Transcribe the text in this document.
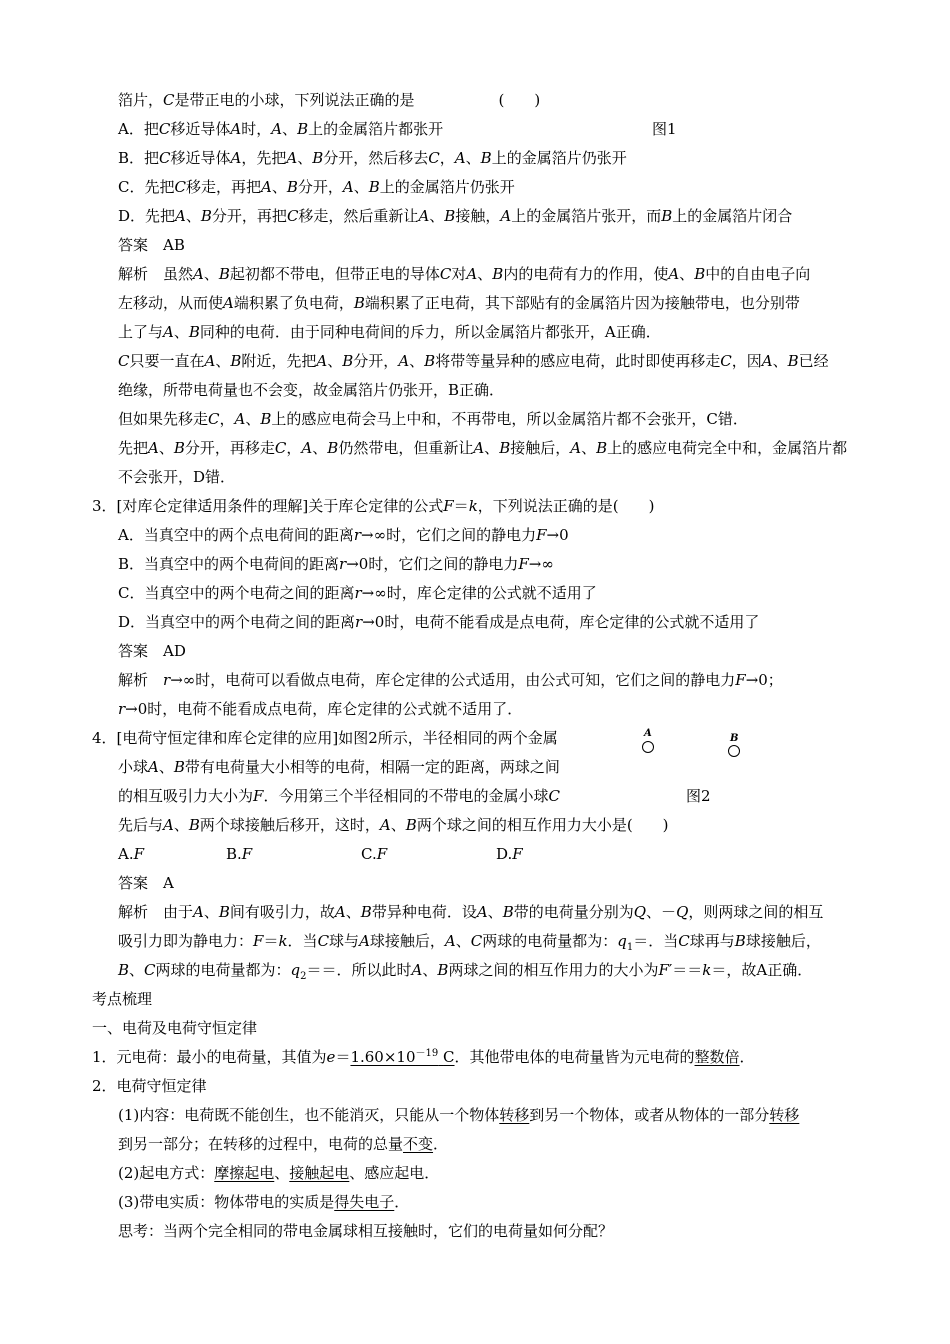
箔片，C是带正电的小球，下列说法正确的是	(　　)
A．把C移近导体A时，A、B上的金属箔片都张开	图1
B．把C移近导体A，先把A、B分开，然后移去C，A、B上的金属箔片仍张开
C．先把C移走，再把A、B分开，A、B上的金属箔片仍张开
D．先把A、B分开，再把C移走，然后重新让A、B接触，A上的金属箔片张开，而B上的金属箔片闭合
答案　AB
解析　虽然A、B起初都不带电，但带正电的导体C对A、B内的电荷有力的作用，使A、B中的自由电子向
左移动，从而使A端积累了负电荷，B端积累了正电荷，其下部贴有的金属箔片因为接触带电，也分别带
上了与A、B同种的电荷．由于同种电荷间的斥力，所以金属箔片都张开，A正确．
C只要一直在A、B附近，先把A、B分开，A、B将带等量异种的感应电荷，此时即使再移走C，因A、B已经
绝缘，所带电荷量也不会变，故金属箔片仍张开，B正确．
但如果先移走C，A、B上的感应电荷会马上中和，不再带电，所以金属箔片都不会张开，C错．
先把A、B分开，再移走C，A、B仍然带电，但重新让A、B接触后，A、B上的感应电荷完全中和，金属箔片都
不会张开，D错．
3．[对库仑定律适用条件的理解]关于库仑定律的公式F＝k，下列说法正确的是(　　)
A．当真空中的两个点电荷间的距离r→∞时，它们之间的静电力F→0
B．当真空中的两个电荷间的距离r→0时，它们之间的静电力F→∞
C．当真空中的两个电荷之间的距离r→∞时，库仑定律的公式就不适用了
D．当真空中的两个电荷之间的距离r→0时，电荷不能看成是点电荷，库仑定律的公式就不适用了
答案　AD
解析　r→∞时，电荷可以看做点电荷，库仑定律的公式适用，由公式可知，它们之间的静电力F→0；
r→0时，电荷不能看成点电荷，库仑定律的公式就不适用了．
4．[电荷守恒定律和库仑定律的应用]如图2所示，半径相同的两个金属
小球A、B带有电荷量大小相等的电荷，相隔一定的距离，两球之间
的相互吸引力大小为F．今用第三个半径相同的不带电的金属小球C
A	B
图2
先后与A、B两个球接触后移开，这时，A、B两个球之间的相互作用力大小是(　　)
A.F	B.F	C.F	D.F
答案　A
解析　由于A、B间有吸引力，故A、B带异种电荷．设A、B带的电荷量分别为Q、－Q，则两球之间的相互
吸引力即为静电力：F＝k．当C球与A球接触后，A、C两球的电荷量都为：$q_1=$．当C球再与B球接触后，
B、C两球的电荷量都为：$q_2==$．所以此时A、B两球之间的相互作用力的大小为F′＝＝k＝，故A正确．
考点梳理
一、电荷及电荷守恒定律
1．元电荷：最小的电荷量，其值为$e=1.60\times 10^{-19}$ C．其他带电体的电荷量皆为元电荷的整数倍．
2．电荷守恒定律
(1)内容：电荷既不能创生，也不能消灭，只能从一个物体转移到另一个物体，或者从物体的一部分转移
到另一部分；在转移的过程中，电荷的总量不变．
(2)起电方式：摩擦起电、接触起电、感应起电．
(3)带电实质：物体带电的实质是得失电子．
思考：当两个完全相同的带电金属球相互接触时，它们的电荷量如何分配？
